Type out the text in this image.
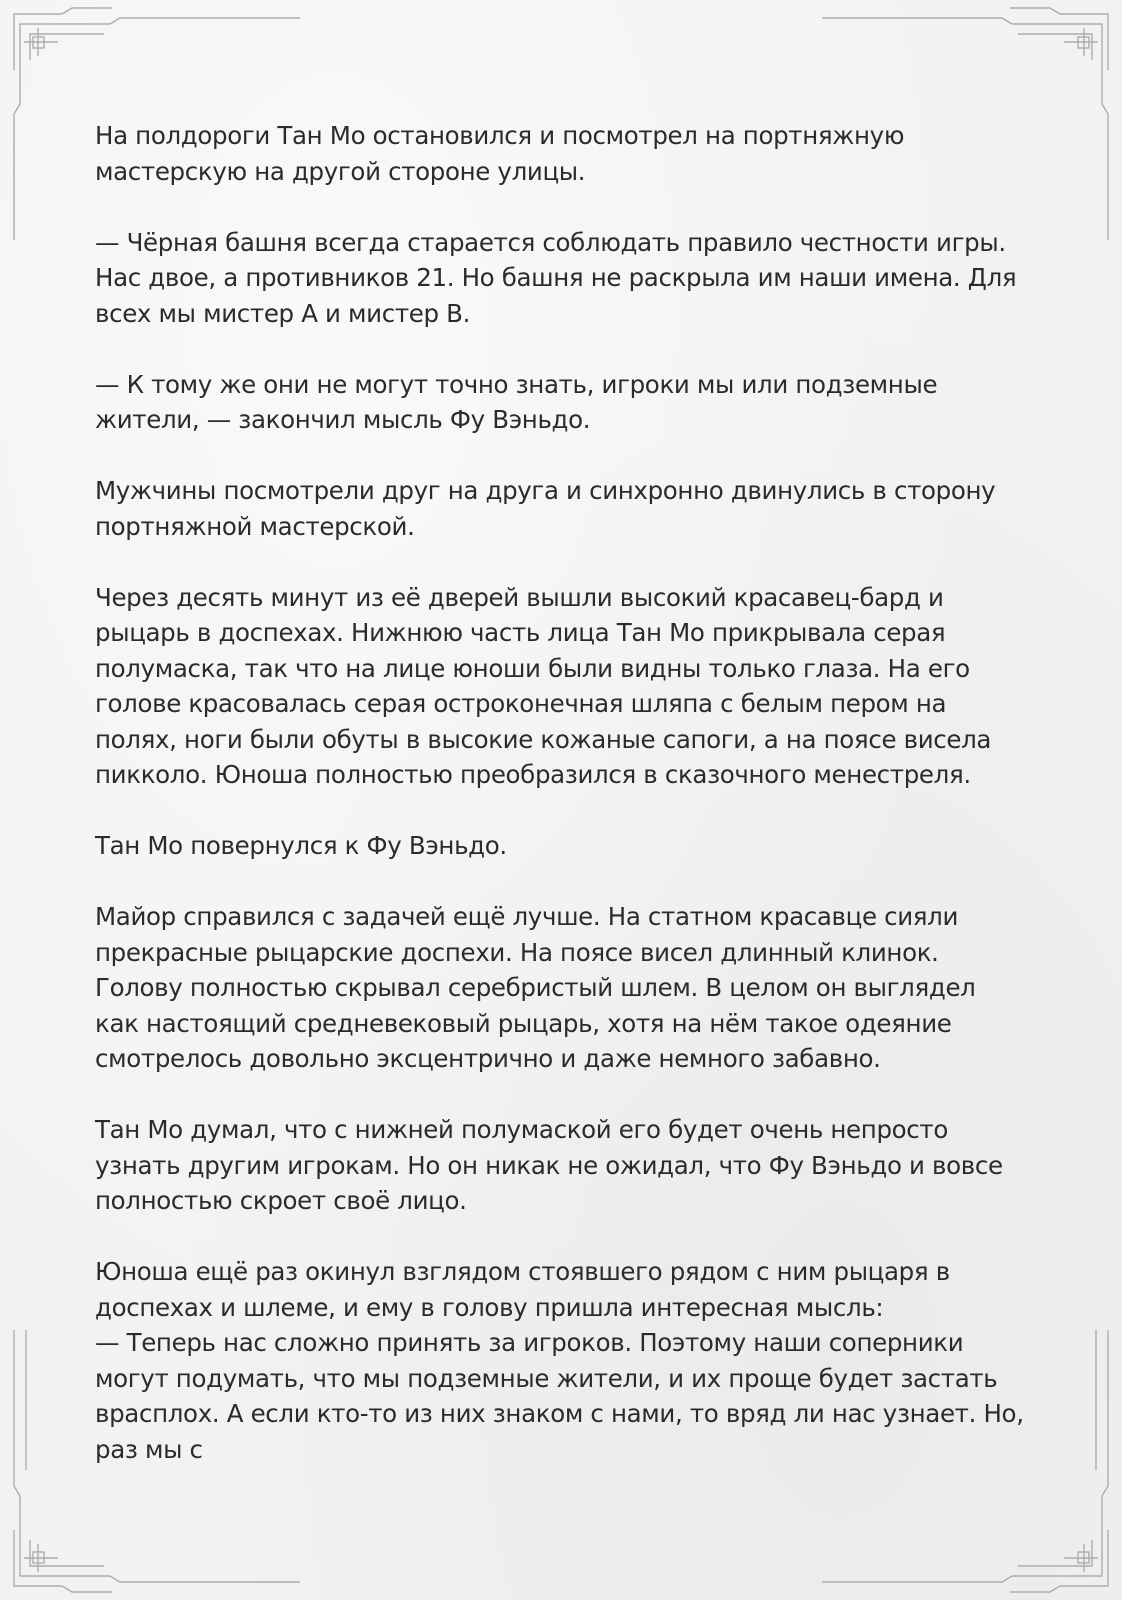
На полдороги Тан Мо остановился и посмотрел на портняжную мастерскую на другой стороне улицы.

— Чёрная башня всегда старается соблюдать правило честности игры. Нас двое, а противников 21. Но башня не раскрыла им наши имена. Для всех мы мистер A и мистер B.

— К тому же они не могут точно знать, игроки мы или подземные жители, — закончил мысль Фу Вэньдо.

Мужчины посмотрели друг на друга и синхронно двинулись в сторону портняжной мастерской.

Через десять минут из её дверей вышли высокий красавец-бард и рыцарь в доспехах. Нижнюю часть лица Тан Мо прикрывала серая полумаска, так что на лице юноши были видны только глаза. На его голове красовалась серая остроконечная шляпа с белым пером на полях, ноги были обуты в высокие кожаные сапоги, а на поясе висела пикколо. Юноша полностью преобразился в сказочного менестреля.

Тан Мо повернулся к Фу Вэньдо.

Майор справился с задачей ещё лучше. На статном красавце сияли прекрасные рыцарские доспехи. На поясе висел длинный клинок. Голову полностью скрывал серебристый шлем. В целом он выглядел как настоящий средневековый рыцарь, хотя на нём такое одеяние смотрелось довольно эксцентрично и даже немного забавно.

Тан Мо думал, что с нижней полумаской его будет очень непросто узнать другим игрокам. Но он никак не ожидал, что Фу Вэньдо и вовсе полностью скроет своё лицо.

Юноша ещё раз окинул взглядом стоявшего рядом с ним рыцаря в доспехах и шлеме, и ему в голову пришла интересная мысль:

— Теперь нас сложно принять за игроков. Поэтому наши соперники могут подумать, что мы подземные жители, и их проще будет застать врасплох. А если кто-то из них знаком с нами, то вряд ли нас узнает. Но, раз мы с
